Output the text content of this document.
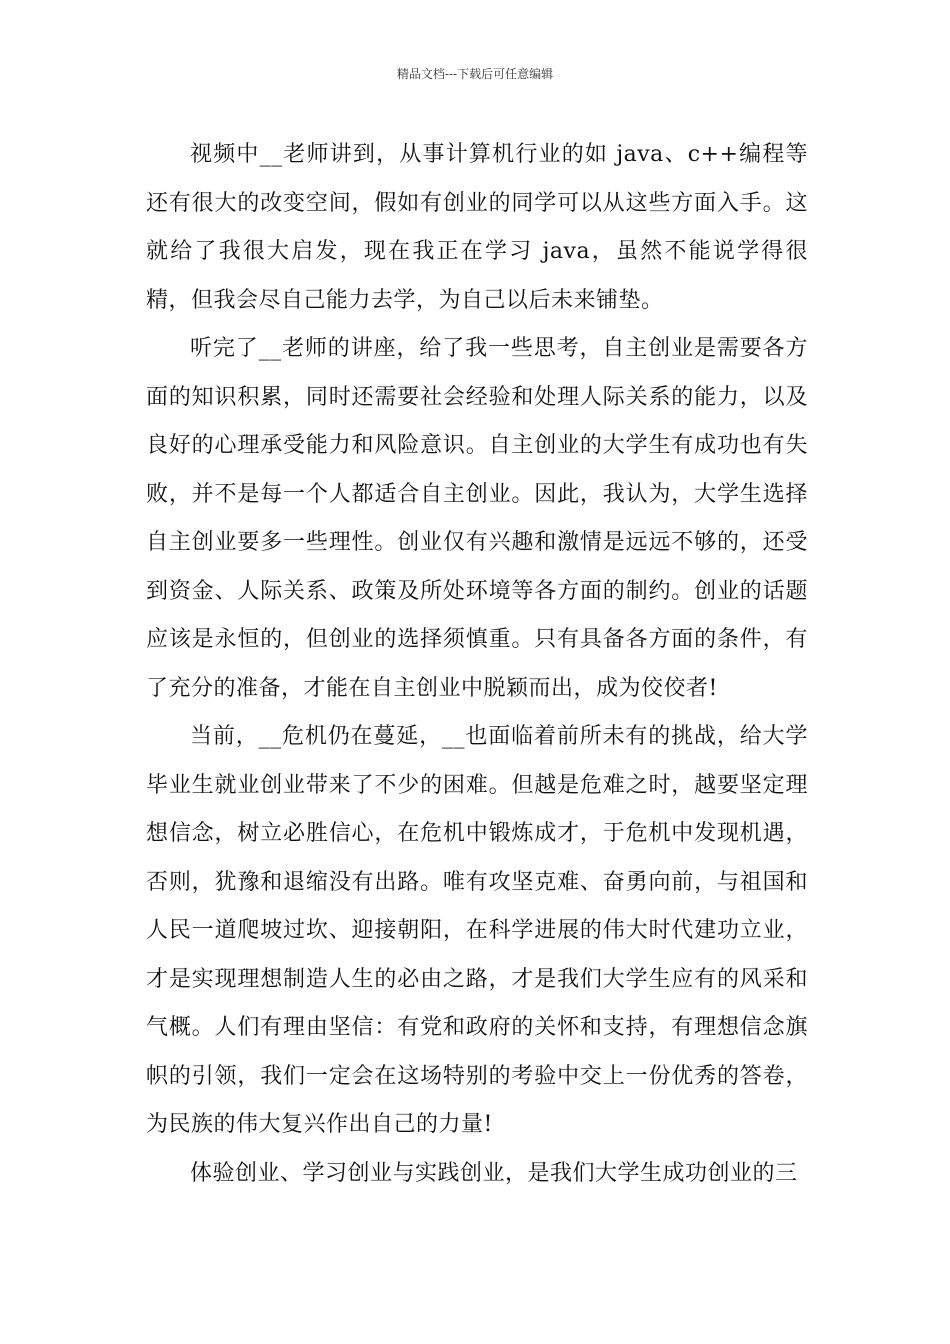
精品文档---下载后可任意编辑

视频中__老师讲到，从事计算机行业的如 java、c++编程等还有很大的改变空间，假如有创业的同学可以从这些方面入手。这就给了我很大启发，现在我正在学习 java，虽然不能说学得很精，但我会尽自己能力去学，为自己以后未来铺垫。

听完了__老师的讲座，给了我一些思考，自主创业是需要各方面的知识积累，同时还需要社会经验和处理人际关系的能力，以及良好的心理承受能力和风险意识。自主创业的大学生有成功也有失败，并不是每一个人都适合自主创业。因此，我认为，大学生选择自主创业要多一些理性。创业仅有兴趣和激情是远远不够的，还受到资金、人际关系、政策及所处环境等各方面的制约。创业的话题应该是永恒的，但创业的选择须慎重。只有具备各方面的条件，有了充分的准备，才能在自主创业中脱颖而出，成为佼佼者!

当前，__危机仍在蔓延，__也面临着前所未有的挑战，给大学毕业生就业创业带来了不少的困难。但越是危难之时，越要坚定理想信念，树立必胜信心，在危机中锻炼成才，于危机中发现机遇，否则，犹豫和退缩没有出路。唯有攻坚克难、奋勇向前，与祖国和人民一道爬坡过坎、迎接朝阳，在科学进展的伟大时代建功立业，才是实现理想制造人生的必由之路，才是我们大学生应有的风采和气概。人们有理由坚信：有党和政府的关怀和支持，有理想信念旗帜的引领，我们一定会在这场特别的考验中交上一份优秀的答卷，为民族的伟大复兴作出自己的力量!

体验创业、学习创业与实践创业，是我们大学生成功创业的三
